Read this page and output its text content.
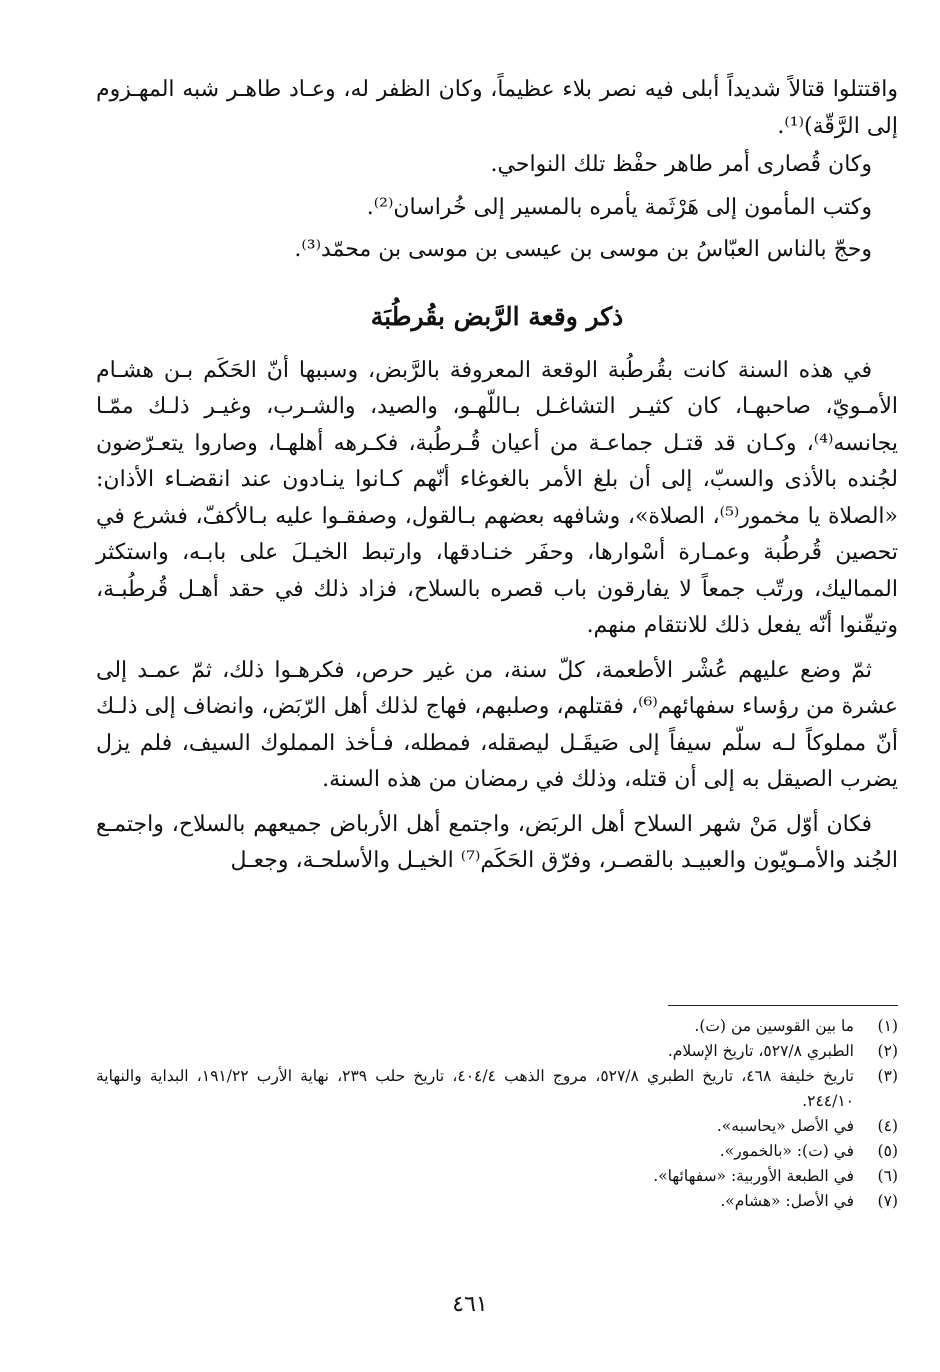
واقتتلوا قتالاً شديداً أبلى فيه نصر بلاء عظيماً، وكان الظفر له، وعـاد طاهـر شبه المهـزوم إلى الرَّقّة)⁽¹⁾.

وكان قُصارى أمر طاهر حفْظ تلك النواحي.

وكتب المأمون إلى هَرْثَمة يأمره بالمسير إلى خُراسان⁽²⁾.

وحجّ بالناس العبّاسُ بن موسى بن عيسى بن موسى بن محمّد⁽³⁾.

ذكر وقعة الرَّبض بقُرطُبَة

في هذه السنة كانت بقُرطُبة الوقعة المعروفة بالرَّبض، وسببها أنّ الحَكَم بـن هشـام الأمـويّ، صاحبهـا، كان كثيـر التشاغـل بـاللّهـو، والصيد، والشـرب، وغيـر ذلـك ممّـا يجانسه⁽⁴⁾، وكـان قد قتـل جماعـة من أعيان قُـرطُبة، فكـرهه أهلهـا، وصاروا يتعـرّضون لجُنده بالأذى والسبّ، إلى أن بلغ الأمر بالغوغاء أنّهم كـانوا ينـادون عند انقضـاء الأذان: «الصلاة يا مخمور⁽⁵⁾، الصلاة»، وشافهه بعضهم بـالقول، وصفقـوا عليه بـالأكفّ، فشرع في تحصين قُرطُبة وعمـارة أسْوارها، وحفَر خنـادقها، وارتبط الخيـلَ على بابـه، واستكثر المماليك، ورتّب جمعاً لا يفارقون باب قصره بالسلاح، فزاد ذلك في حقد أهـل قُرطُبـة، وتيقّنوا أنّه يفعل ذلك للانتقام منهم.

ثمّ وضع عليهم عُشْر الأطعمة، كلّ سنة، من غير حرص، فكرهـوا ذلك، ثمّ عمـد إلى عشرة من رؤساء سفهائهم⁽⁶⁾، فقتلهم، وصلبهم، فهاج لذلك أهل الرّبَض، وانضاف إلى ذلـك أنّ مملوكاً لـه سلّم سيفاً إلى صَيقَـل ليصقله، فمطله، فـأخذ المملوك السيف، فلم يزل يضرب الصيقل به إلى أن قتله، وذلك في رمضان من هذه السنة.

فكان أوّل مَنْ شهر السلاح أهل الربَض، واجتمع أهل الأرباض جميعهم بالسلاح، واجتمـع الجُند والأمـويّون والعبيـد بالقصـر، وفرّق الحَكَم⁽⁷⁾ الخيـل والأسلحـة، وجعـل

(١)
ما بين القوسين من (ت).
(٢)
الطبري ٥٢٧/٨، تاريخ الإسلام.
(٣)
تاريخ خليفة ٤٦٨، تاريخ الطبري ٥٢٧/٨، مروج الذهب ٤٠٤/٤، تاريخ حلب ٢٣٩، نهاية الأرب ١٩١/٢٢، البداية والنهاية ٢٤٤/١٠.
(٤)
في الأصل «يحاسبه».
(٥)
في (ت): «بالخمور».
(٦)
في الطبعة الأوربية: «سفهائها».
(٧)
في الأصل: «هشام».
٤٦١
